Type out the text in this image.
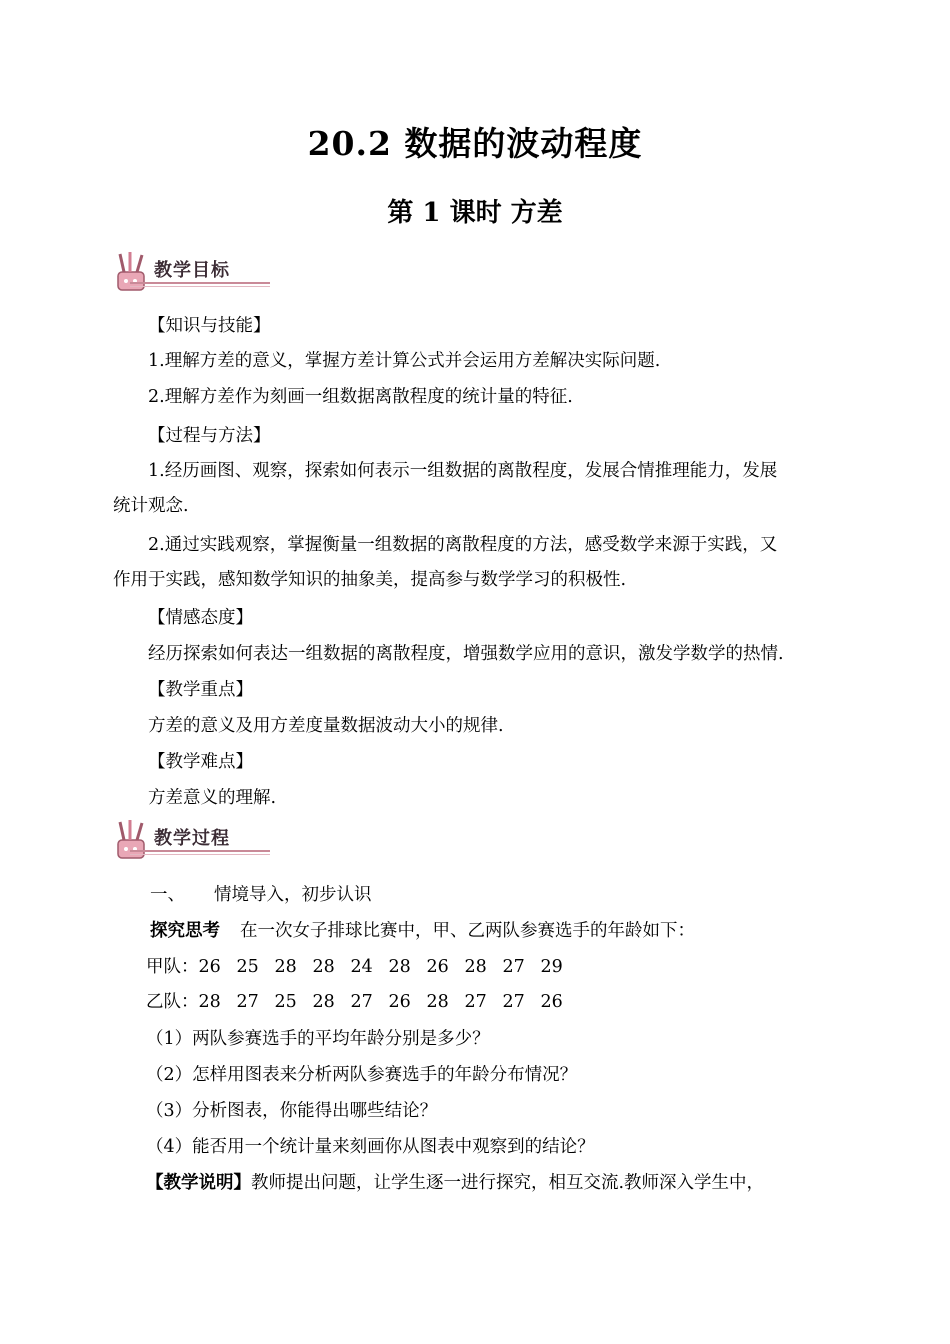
20.2 数据的波动程度
第 1 课时 方差
教学目标
【知识与技能】
1.理解方差的意义，掌握方差计算公式并会运用方差解决实际问题.
2.理解方差作为刻画一组数据离散程度的统计量的特征.
【过程与方法】
1.经历画图、观察，探索如何表示一组数据的离散程度，发展合情推理能力，发展
统计观念.
2.通过实践观察，掌握衡量一组数据的离散程度的方法，感受数学来源于实践，又
作用于实践，感知数学知识的抽象美，提高参与数学学习的积极性.
【情感态度】
经历探索如何表达一组数据的离散程度，增强数学应用的意识，激发学数学的热情.
【教学重点】
方差的意义及用方差度量数据波动大小的规律.
【教学难点】
方差意义的理解.
教学过程
一、 情境导入，初步认识
探究思考 在一次女子排球比赛中，甲、乙两队参赛选手的年龄如下：
甲队：26 25 28 28 24 28 26 28 27 29
乙队：28 27 25 28 27 26 28 27 27 26
（1）两队参赛选手的平均年龄分别是多少？
（2）怎样用图表来分析两队参赛选手的年龄分布情况？
（3）分析图表，你能得出哪些结论？
（4）能否用一个统计量来刻画你从图表中观察到的结论？
【教学说明】教师提出问题，让学生逐一进行探究，相互交流.教师深入学生中，
